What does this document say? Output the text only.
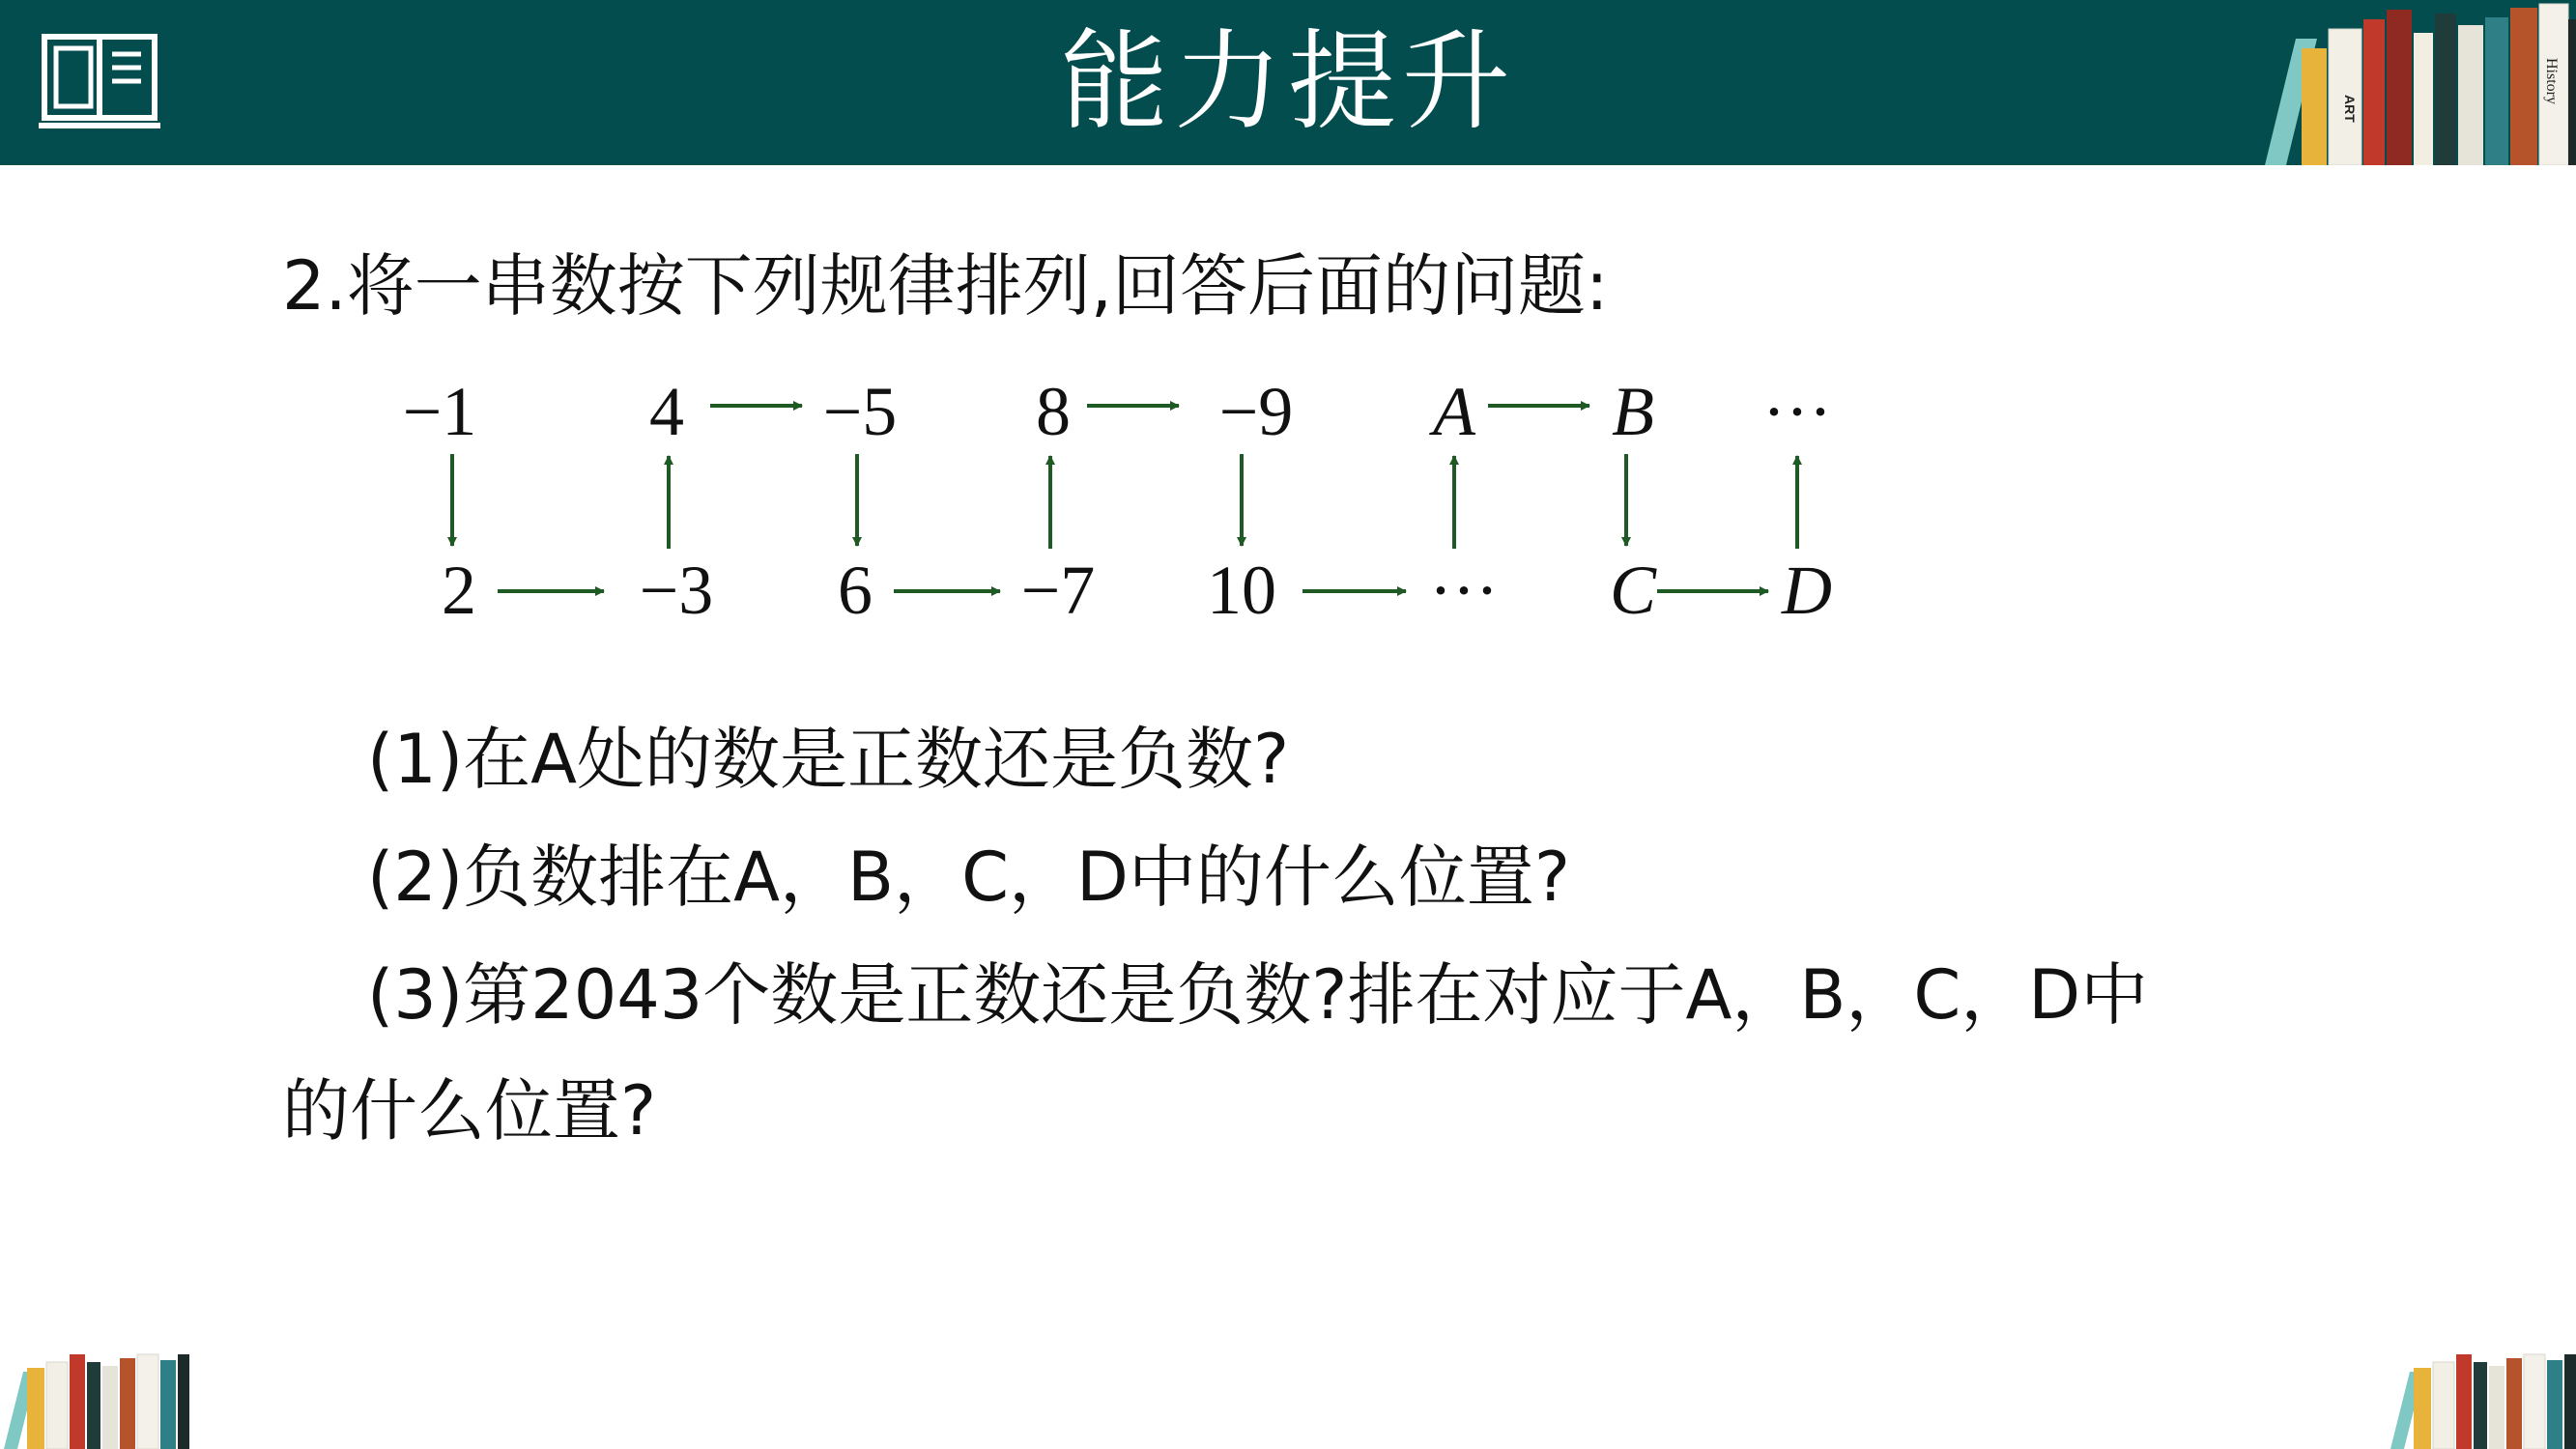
能力提升	ART
History
2.将一串数按下列规律排列,回答后面的问题:
−1 4 −5 8 −9 A B ···
2 −3 6 −7 10 ··· C D
(1)在A处的数是正数还是负数?
(2)负数排在A，B，C，D中的什么位置?
(3)第2043个数是正数还是负数?排在对应于A，B，C，D中
的什么位置?
